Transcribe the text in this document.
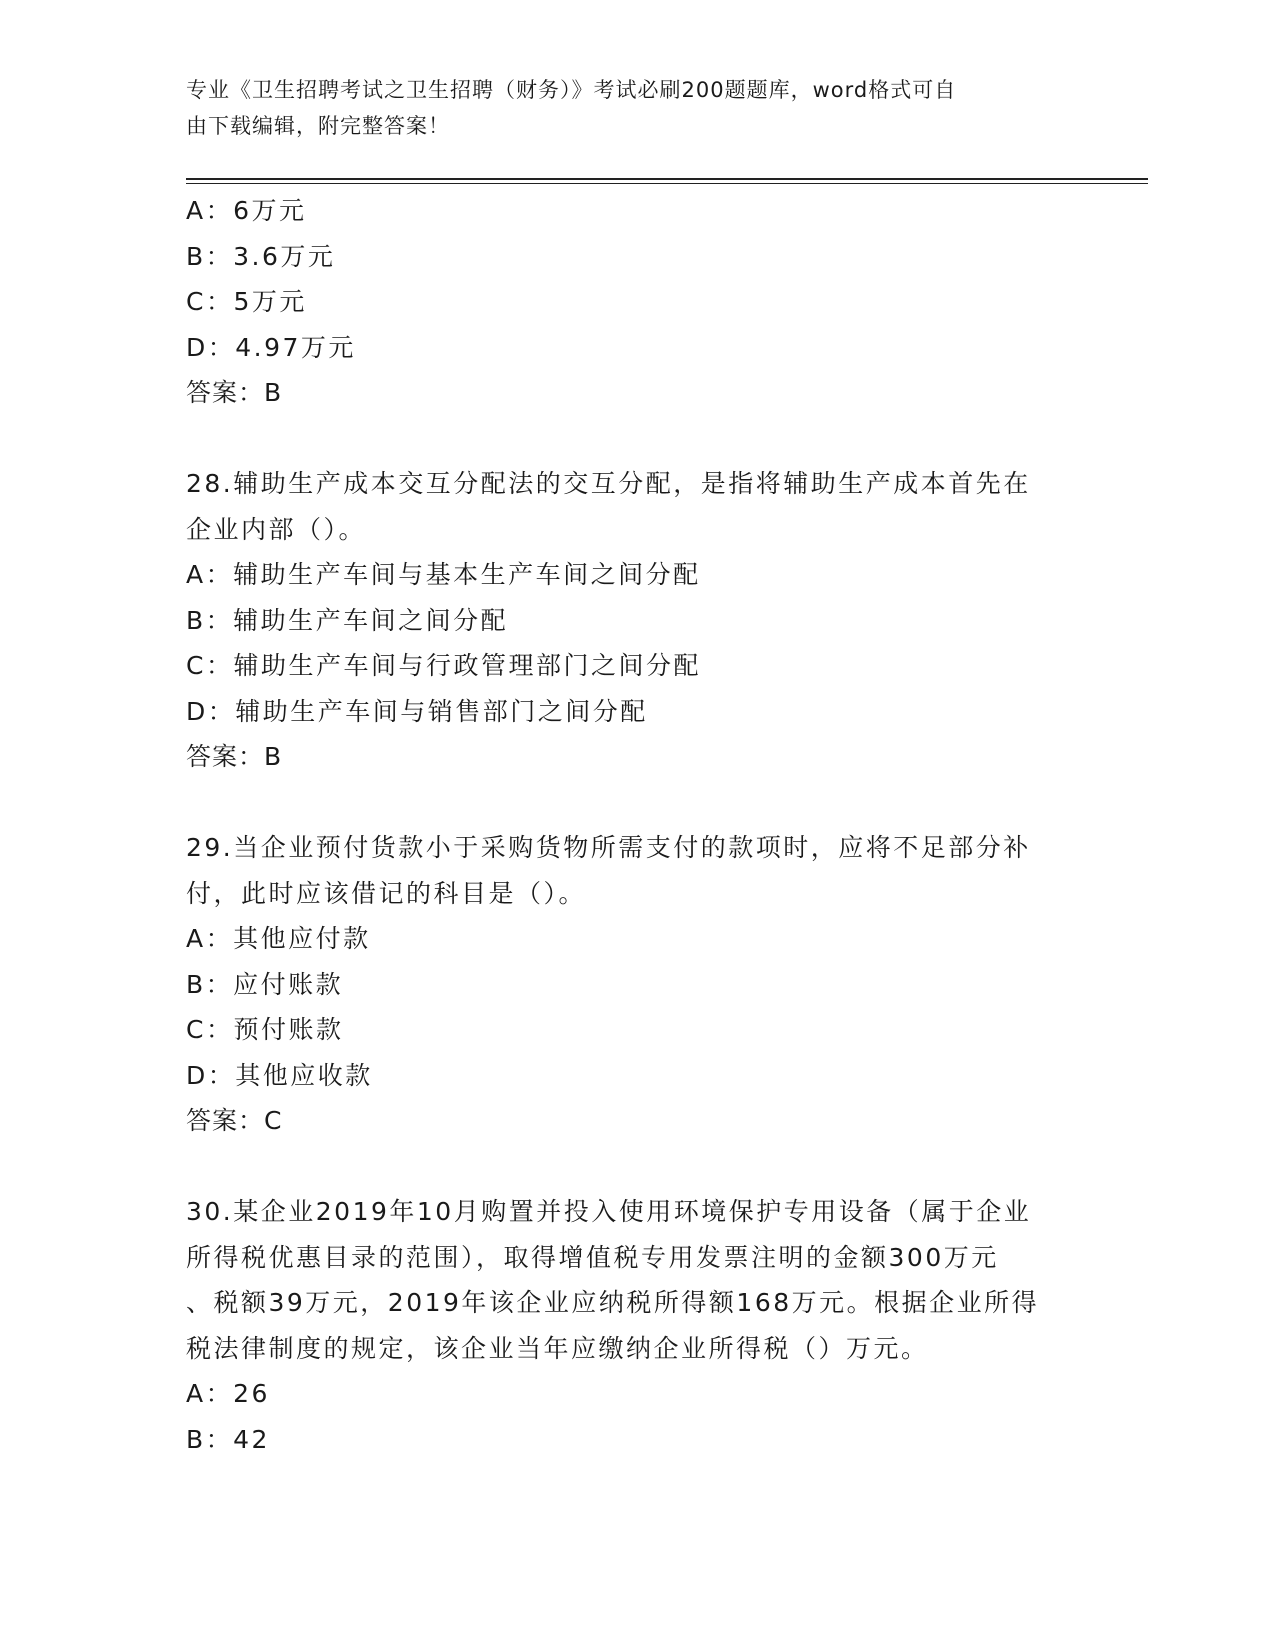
专业《卫生招聘考试之卫生招聘（财务）》考试必刷200题题库，word格式可自
由下载编辑，附完整答案！
A：6万元
B：3.6万元
C：5万元
D：4.97万元
答案：B
28.辅助生产成本交互分配法的交互分配，是指将辅助生产成本首先在
企业内部（）。
A：辅助生产车间与基本生产车间之间分配
B：辅助生产车间之间分配
C：辅助生产车间与行政管理部门之间分配
D：辅助生产车间与销售部门之间分配
答案：B
29.当企业预付货款小于采购货物所需支付的款项时，应将不足部分补
付，此时应该借记的科目是（）。
A：其他应付款
B：应付账款
C：预付账款
D：其他应收款
答案：C
30.某企业2019年10月购置并投入使用环境保护专用设备（属于企业
所得税优惠目录的范围），取得增值税专用发票注明的金额300万元
、税额39万元，2019年该企业应纳税所得额168万元。根据企业所得
税法律制度的规定，该企业当年应缴纳企业所得税（）万元。
A：26
B：42
